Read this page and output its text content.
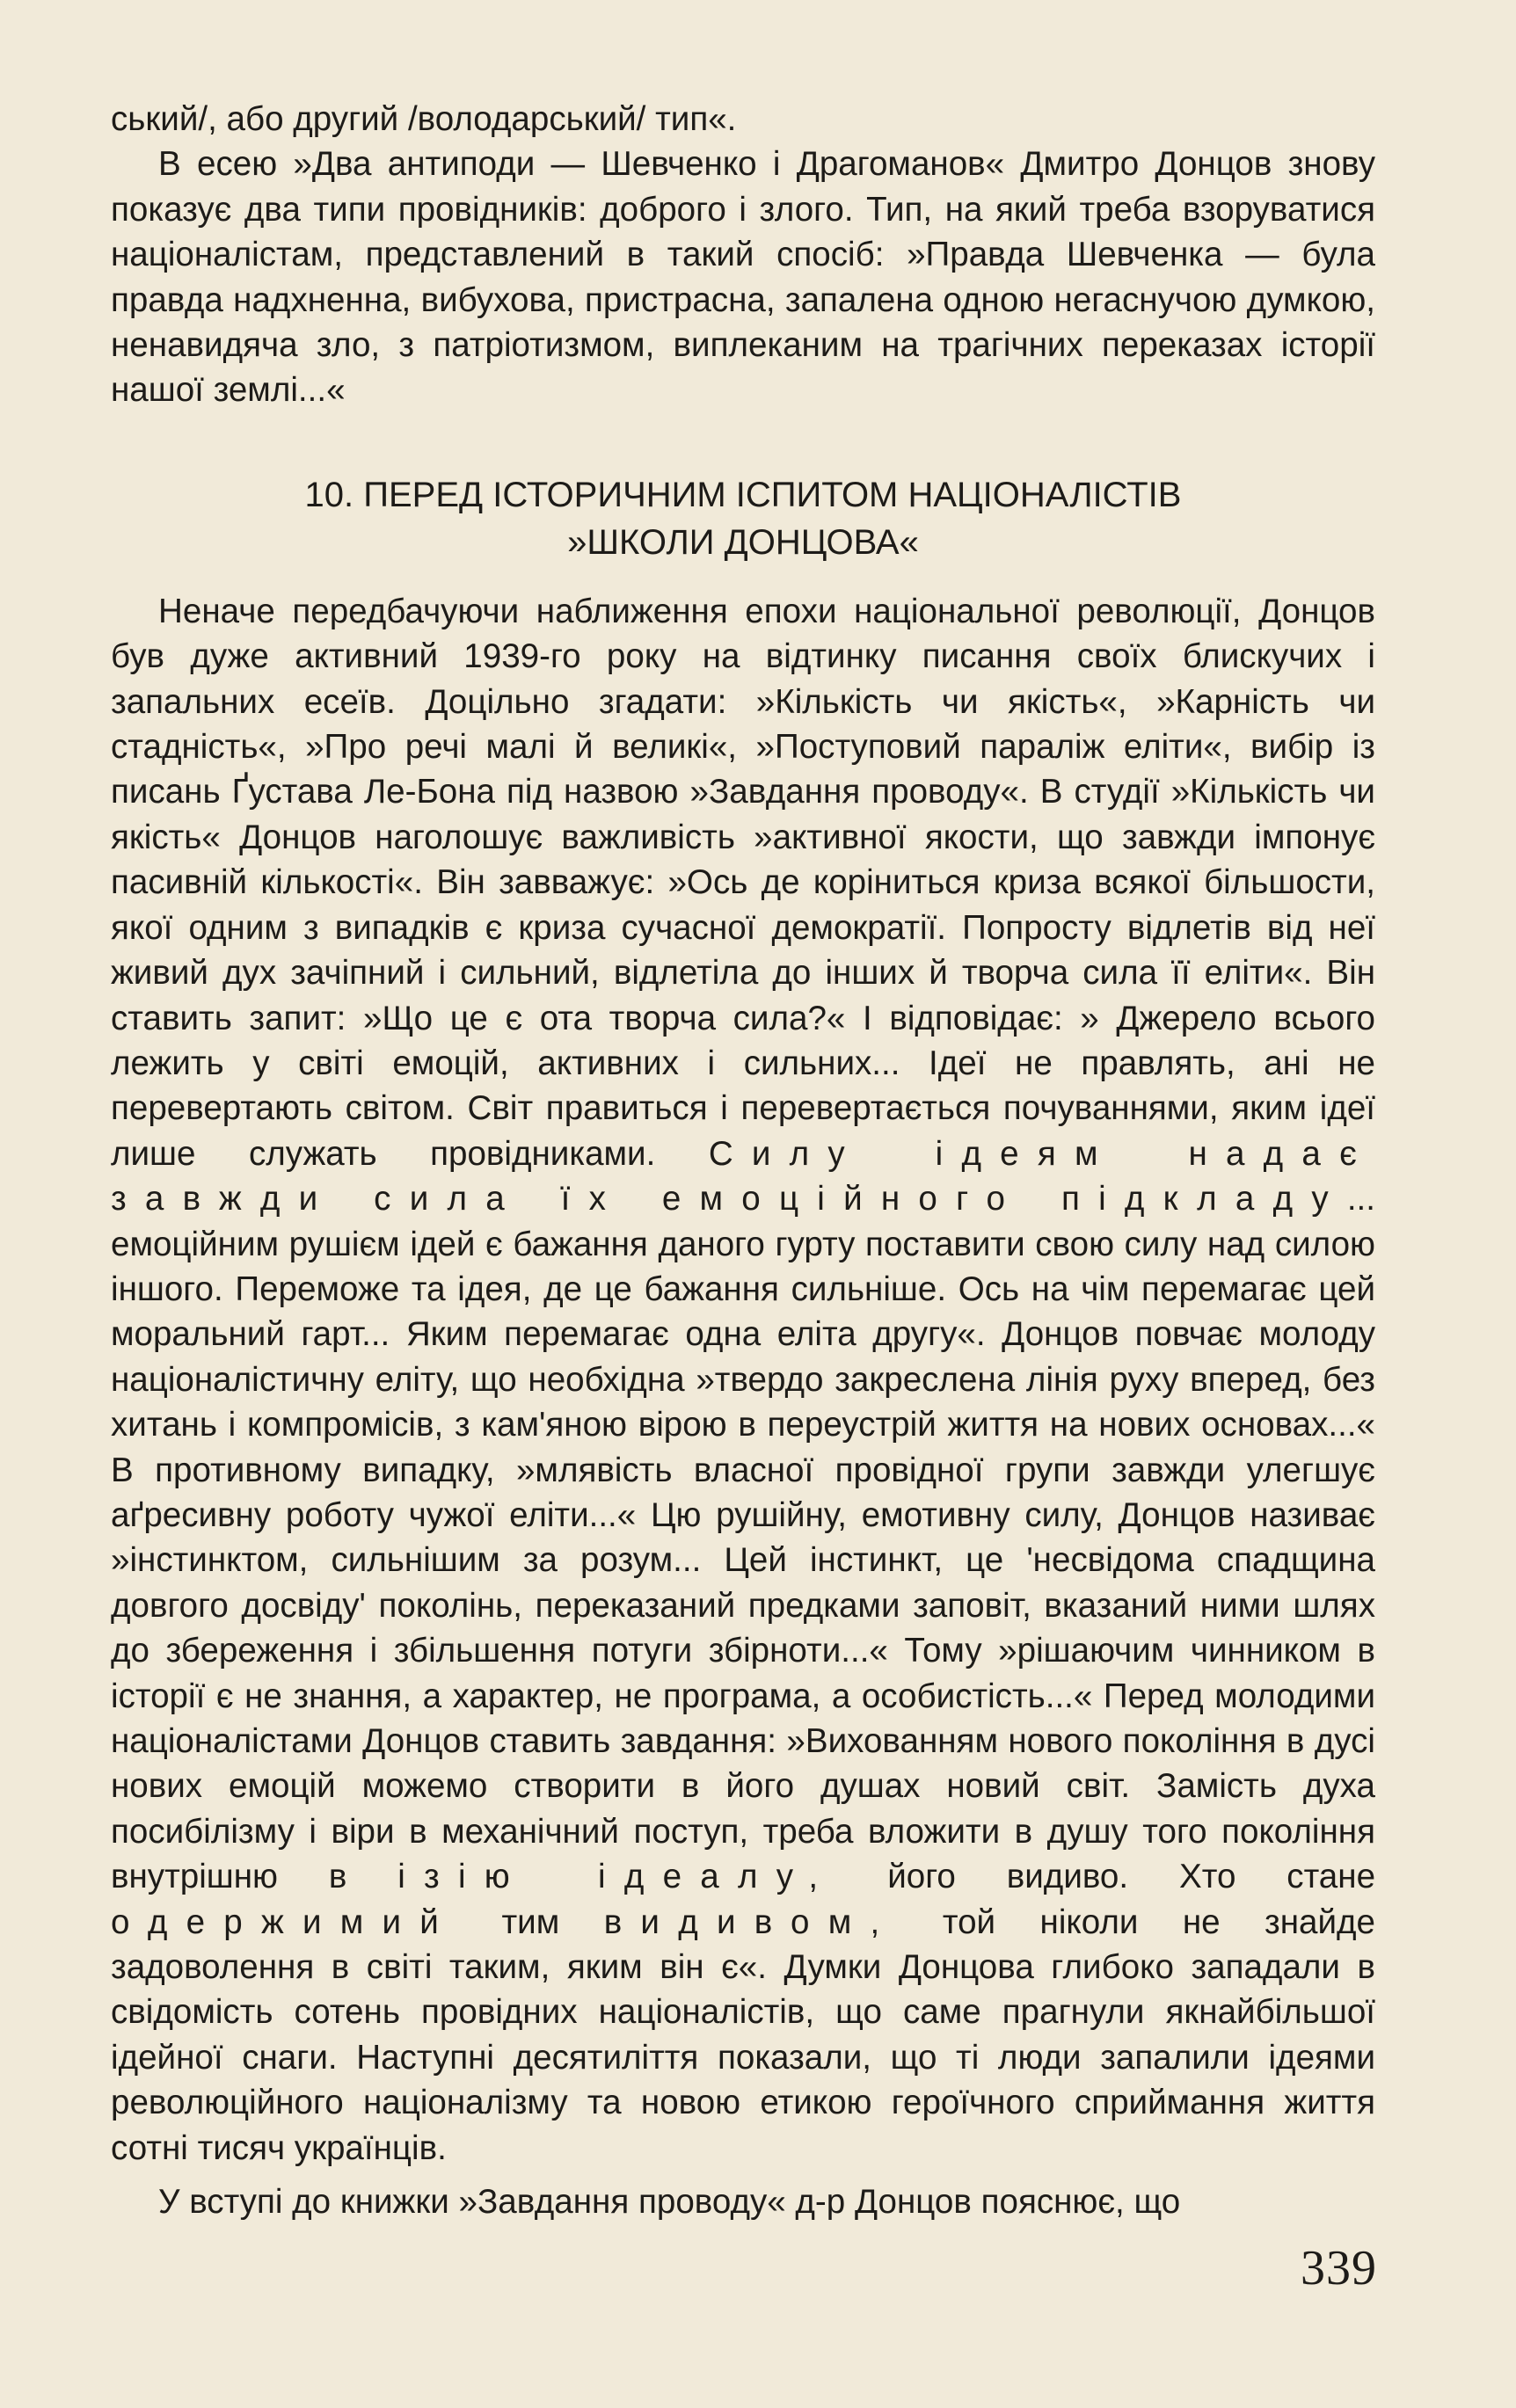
ський/, або другий /володарський/ тип«.

В есею »Два антиподи — Шевченко і Драгоманов« Дмитро Донцов знову показує два типи провідників: доброго і злого. Тип, на який треба взоруватися націоналістам, представлений в такий спосіб: »Правда Шевченка — була правда надхненна, вибухова, пристрасна, запалена одною негаснучою думкою, ненавидяча зло, з патріотизмом, виплеканим на трагічних переказах історії нашої землі...«

10. ПЕРЕД ІСТОРИЧНИМ ІСПИТОМ НАЦІОНАЛІСТІВ
»ШКОЛИ ДОНЦОВА«

Неначе передбачуючи наближення епохи національної революції, Донцов був дуже активний 1939-го року на відтинку писання своїх блискучих і запальних есеїв. Доцільно згадати: »Кількість чи якість«, »Карність чи стадність«, »Про речі малі й великі«, »Поступовий параліж еліти«, вибір із писань Ґустава Ле-Бона під назвою »Завдання проводу«. В студії »Кількість чи якість« Донцов наголошує важливість »активної якости, що завжди імпонує пасивній кількості«. Він завважує: »Ось де коріниться криза всякої більшости, якої одним з випадків є криза сучасної демократії. Попросту відлетів від неї живий дух зачіпний і сильний, відлетіла до інших й творча сила її еліти«. Він ставить запит: »Що це є ота творча сила?« І відповідає: » Джерело всього лежить у світі емоцій, активних і сильних... Ідеї не правлять, ані не перевертають світом. Світ правиться і перевертається почуваннями, яким ідеї лише служать провідниками. Силу ідеям надає завжди сила їх емоційного підкладу... емоційним рушієм ідей є бажання даного гурту поставити свою силу над силою іншого. Переможе та ідея, де це бажання сильніше. Ось на чім перемагає цей моральний гарт... Яким перемагає одна еліта другу«. Донцов повчає молоду націоналістичну еліту, що необхідна »твердо закреслена лінія руху вперед, без хитань і компромісів, з кам'яною вірою в переустрій життя на нових основах...« В противному випадку, »млявість власної провідної групи завжди улегшує аґресивну роботу чужої еліти...« Цю рушійну, емотивну силу, Донцов називає »інстинктом, сильнішим за розум... Цей інстинкт, це 'несвідома спадщина довгого досвіду' поколінь, переказаний предками заповіт, вказаний ними шлях до збереження і збільшення потуги збірноти...« Тому »рішаючим чинником в історії є не знання, а характер, не програма, а особистість...« Перед молодими націоналістами Донцов ставить завдання: »Вихованням нового покоління в дусі нових емоцій можемо створити в його душах новий світ. Замість духа посибілізму і віри в механічний поступ, треба вложити в душу того покоління внутрішню в ізію ідеалу, його видиво. Хто стане одержимий тим видивом, той ніколи не знайде задоволення в світі таким, яким він є«. Думки Донцова глибоко западали в свідомість сотень провідних націоналістів, що саме прагнули якнайбільшої ідейної снаги. Наступні десятиліття показали, що ті люди запалили ідеями революційного націоналізму та новою етикою героїчного сприймання життя сотні тисяч українців.

У вступі до книжки »Завдання проводу« д-р Донцов пояснює, що

339
